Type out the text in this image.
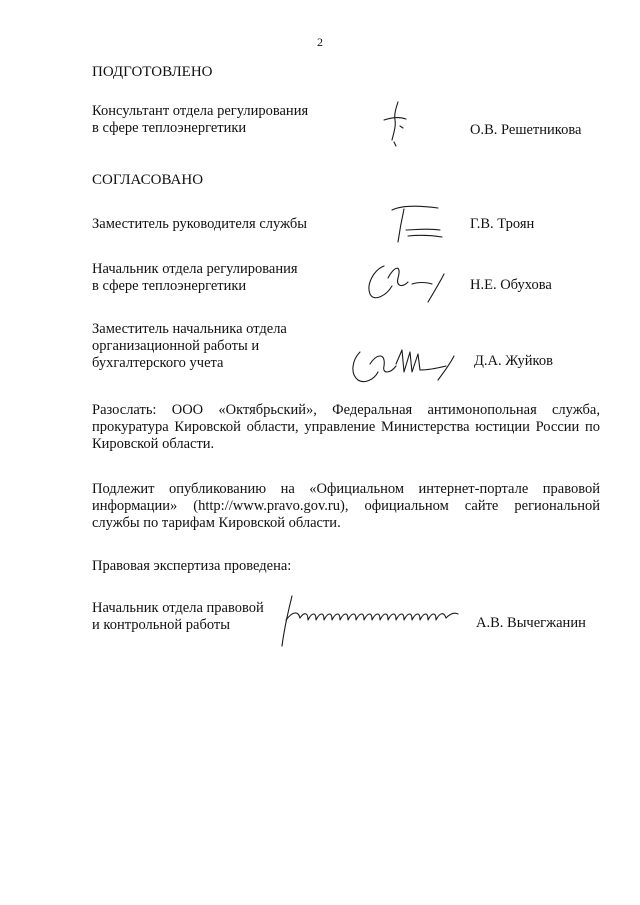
2
ПОДГОТОВЛЕНО
Консультант отдела регулирования
в сфере теплоэнергетики	О.В. Решетникова
СОГЛАСОВАНО
Заместитель руководителя службы	Г.В. Троян
Начальник отдела регулирования
в сфере теплоэнергетики	Н.Е. Обухова
Заместитель начальника отдела
организационной работы и
бухгалтерского учета	Д.А. Жуйков
Разослать: ООО «Октябрьский», Федеральная антимонопольная служба, прокуратура Кировской области, управление Министерства юстиции России по Кировской области.
Подлежит опубликованию на «Официальном интернет-портале правовой информации» (http://www.pravo.gov.ru), официальном сайте региональной службы по тарифам Кировской области.
Правовая экспертиза проведена:
Начальник отдела правовой
и контрольной работы	А.В. Вычегжанин
